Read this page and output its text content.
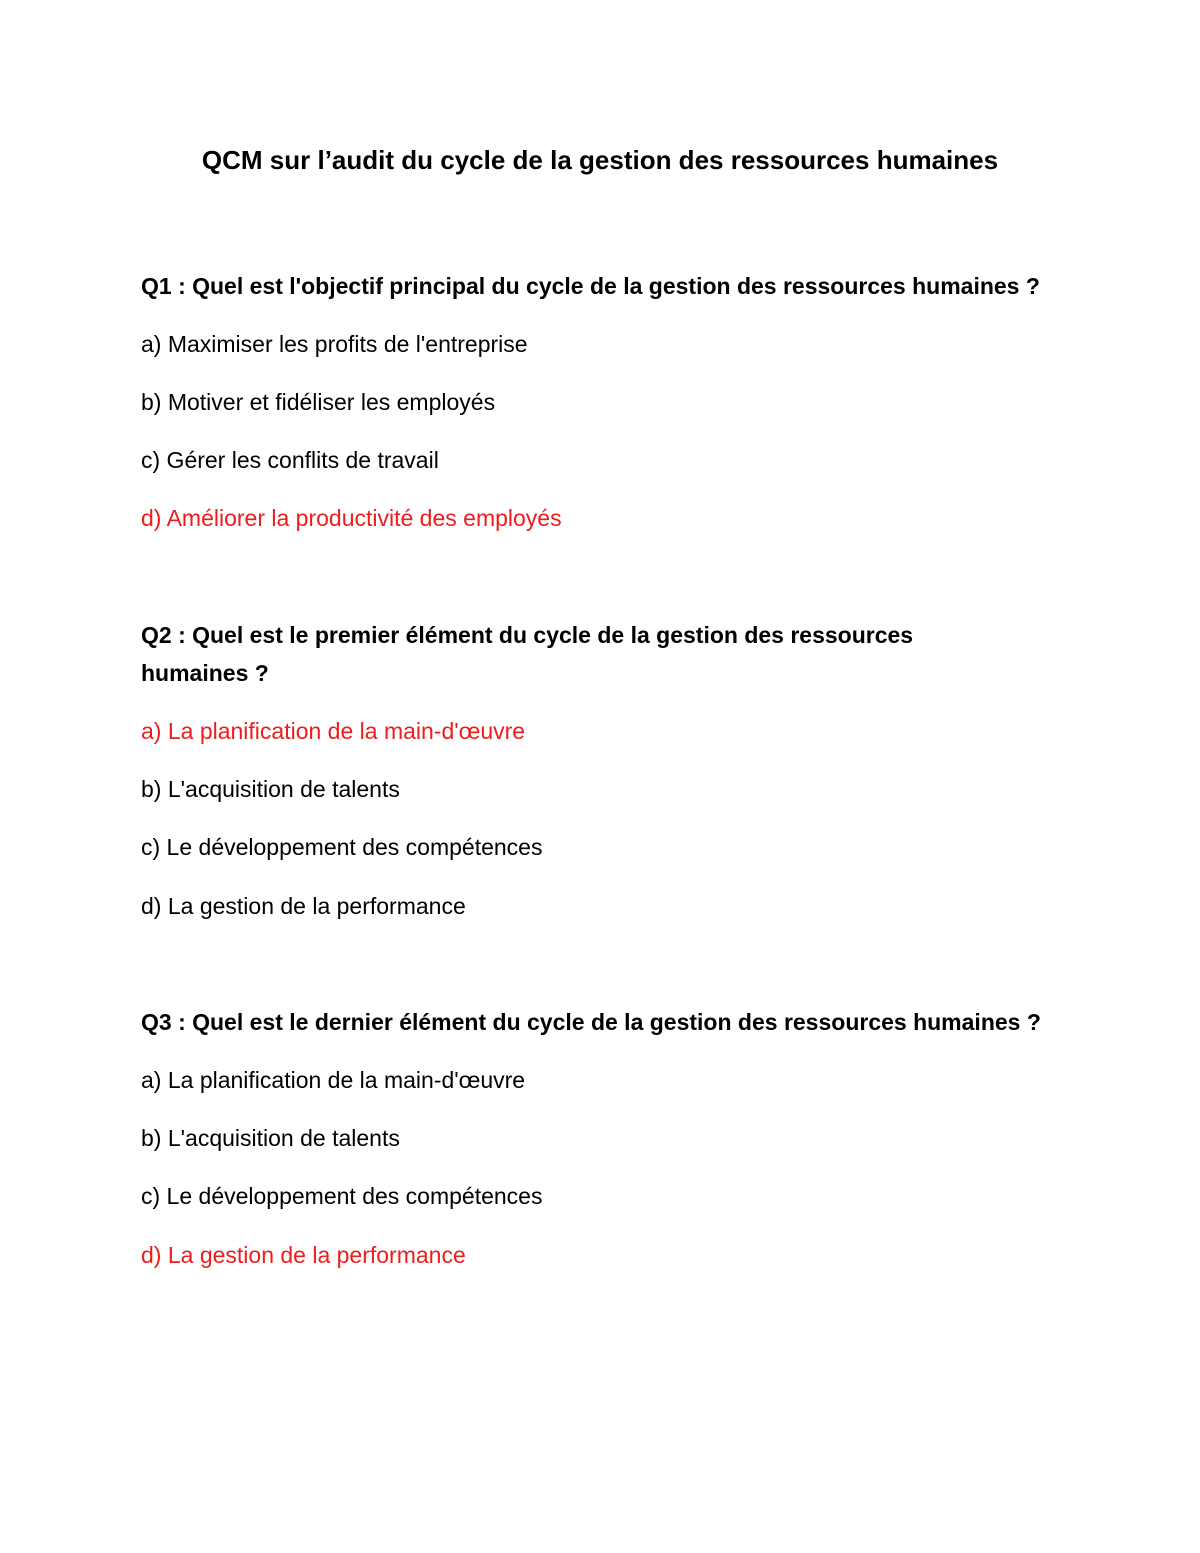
QCM sur l’audit du cycle de la gestion des ressources humaines
Q1 : Quel est l'objectif principal du cycle de la gestion des ressources humaines ?
a) Maximiser les profits de l'entreprise
b) Motiver et fidéliser les employés
c) Gérer les conflits de travail
d) Améliorer la productivité des employés
Q2 : Quel est le premier élément du cycle de la gestion des ressources
humaines ?
a) La planification de la main-d'œuvre
b) L'acquisition de talents
c) Le développement des compétences
d) La gestion de la performance
Q3 : Quel est le dernier élément du cycle de la gestion des ressources humaines ?
a) La planification de la main-d'œuvre
b) L'acquisition de talents
c) Le développement des compétences
d) La gestion de la performance
